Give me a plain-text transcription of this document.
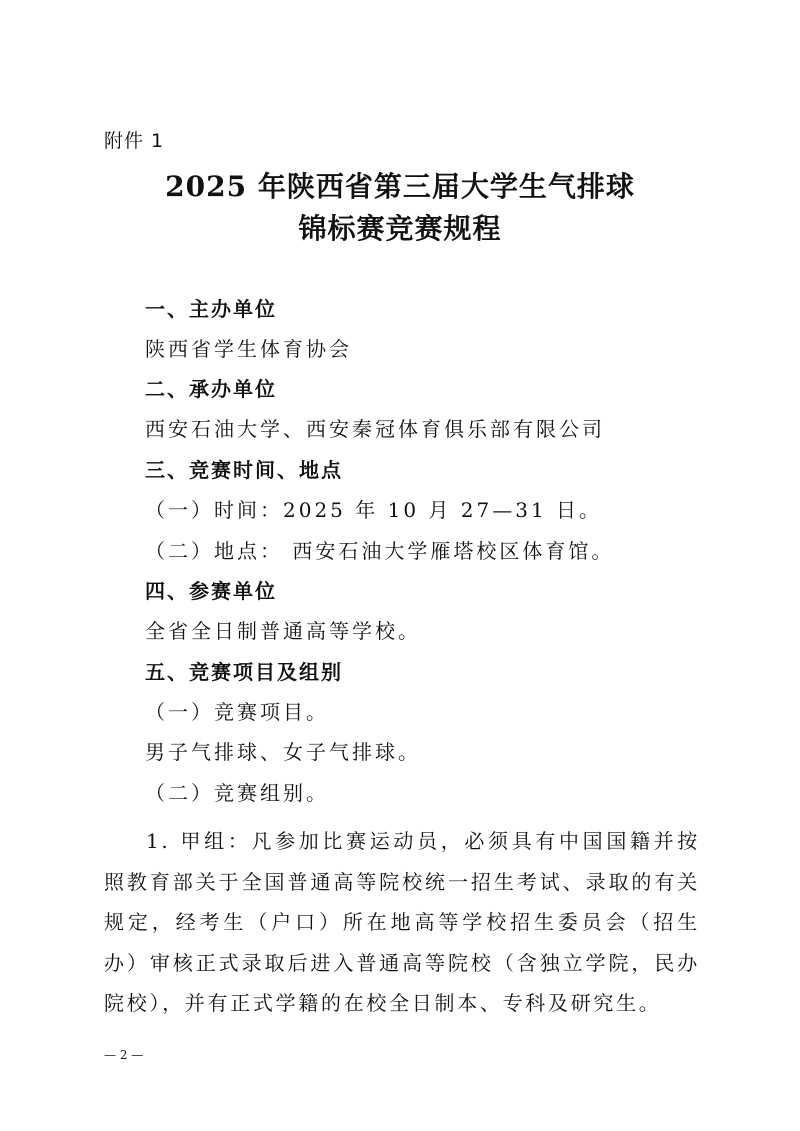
附件 1
2025 年陕西省第三届大学生气排球
锦标赛竞赛规程
一、主办单位
陕西省学生体育协会
二、承办单位
西安石油大学、西安秦冠体育俱乐部有限公司
三、竞赛时间、地点
（一）时间：2025 年 10 月 27—31 日。
（二）地点： 西安石油大学雁塔校区体育馆。
四、参赛单位
全省全日制普通高等学校。
五、竞赛项目及组别
（一）竞赛项目。
男子气排球、女子气排球。
（二）竞赛组别。
1. 甲组：凡参加比赛运动员，必须具有中国国籍并按照教育部关于全国普通高等院校统一招生考试、录取的有关规定，经考生（户口）所在地高等学校招生委员会（招生办）审核正式录取后进入普通高等院校（含独立学院，民办院校），并有正式学籍的在校全日制本、专科及研究生。
— 2 —
